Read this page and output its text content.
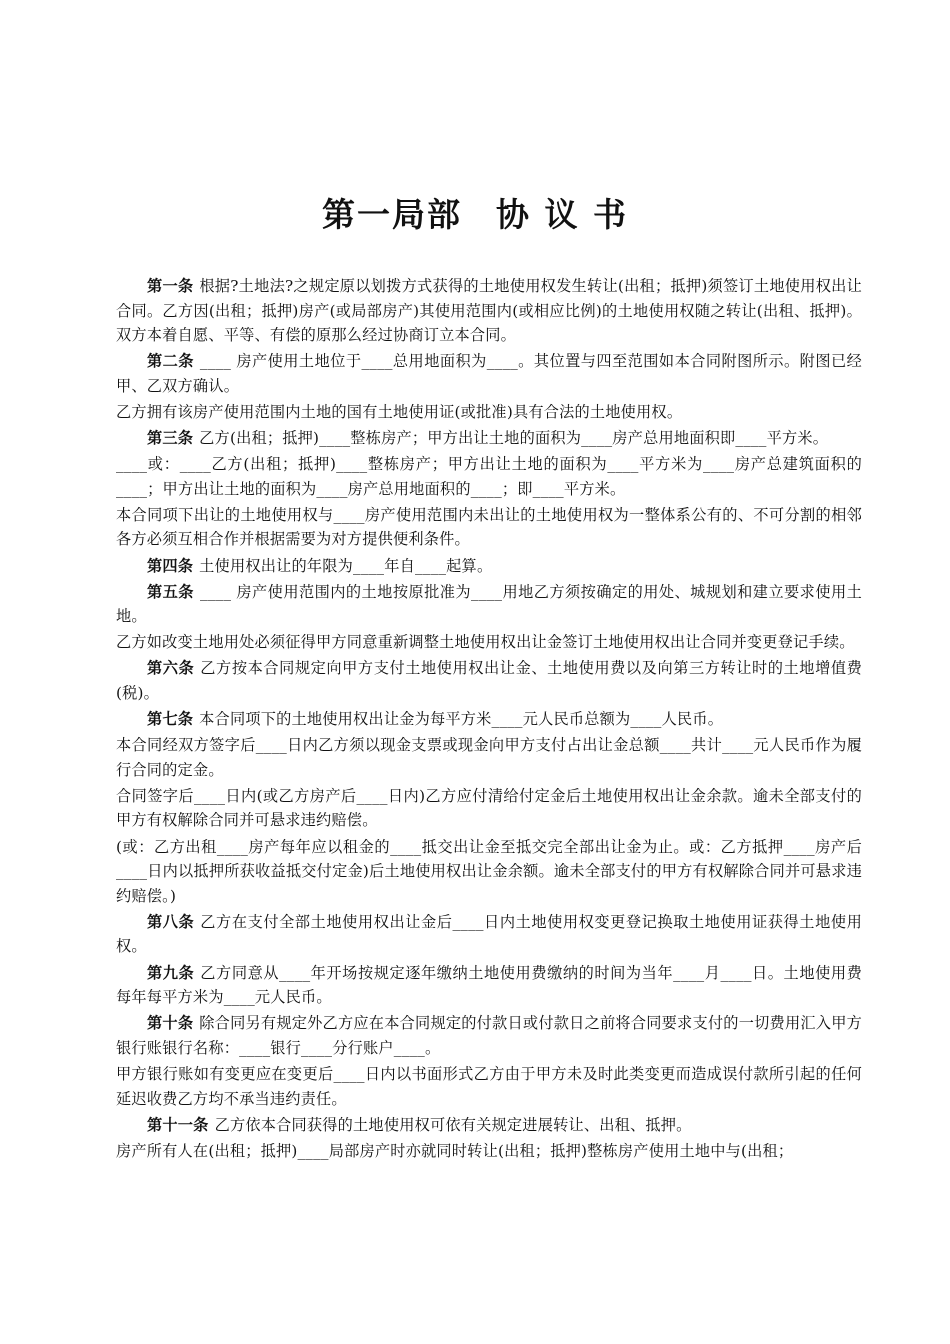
第一局部 协 议 书

第一条 根据?土地法?之规定原以划拨方式获得的土地使用权发生转让(出租；抵押)须签订土地使用权出让合同。乙方因(出租；抵押)房产(或局部房产)其使用范围内(或相应比例)的土地使用权随之转让(出租、抵押)。双方本着自愿、平等、有偿的原那么经过协商订立本合同。

第二条 ____ 房产使用土地位于____总用地面积为____。其位置与四至范围如本合同附图所示。附图已经甲、乙双方确认。

乙方拥有该房产使用范围内土地的国有土地使用证(或批准)具有合法的土地使用权。

第三条 乙方(出租；抵押)____整栋房产；甲方出让土地的面积为____房产总用地面积即____平方米。

____或：____乙方(出租；抵押)____整栋房产；甲方出让土地的面积为____平方米为____房产总建筑面积的____；甲方出让土地的面积为____房产总用地面积的____；即____平方米。

本合同项下出让的土地使用权与____房产使用范围内未出让的土地使用权为一整体系公有的、不可分割的相邻各方必须互相合作并根据需要为对方提供便利条件。

第四条 土使用权出让的年限为____年自____起算。

第五条 ____ 房产使用范围内的土地按原批准为____用地乙方须按确定的用处、城规划和建立要求使用土地。

乙方如改变土地用处必须征得甲方同意重新调整土地使用权出让金签订土地使用权出让合同并变更登记手续。

第六条 乙方按本合同规定向甲方支付土地使用权出让金、土地使用费以及向第三方转让时的土地增值费(税)。

第七条 本合同项下的土地使用权出让金为每平方米____元人民币总额为____人民币。

本合同经双方签字后____日内乙方须以现金支票或现金向甲方支付占出让金总额____共计____元人民币作为履行合同的定金。

合同签字后____日内(或乙方房产后____日内)乙方应付清给付定金后土地使用权出让金余款。逾未全部支付的甲方有权解除合同并可悬求违约赔偿。

(或：乙方出租____房产每年应以租金的____抵交出让金至抵交完全部出让金为止。或：乙方抵押____房产后____日内以抵押所获收益抵交付定金)后土地使用权出让金余额。逾未全部支付的甲方有权解除合同并可悬求违约赔偿。)

第八条 乙方在支付全部土地使用权出让金后____日内土地使用权变更登记换取土地使用证获得土地使用权。

第九条 乙方同意从____年开场按规定逐年缴纳土地使用费缴纳的时间为当年____月____日。土地使用费每年每平方米为____元人民币。

第十条 除合同另有规定外乙方应在本合同规定的付款日或付款日之前将合同要求支付的一切费用汇入甲方银行账银行名称：____银行____分行账户____。

甲方银行账如有变更应在变更后____日内以书面形式乙方由于甲方未及时此类变更而造成误付款所引起的任何延迟收费乙方均不承当违约责任。

第十一条 乙方依本合同获得的土地使用权可依有关规定进展转让、出租、抵押。

房产所有人在(出租；抵押)____局部房产时亦就同时转让(出租；抵押)整栋房产使用土地中与(出租；
